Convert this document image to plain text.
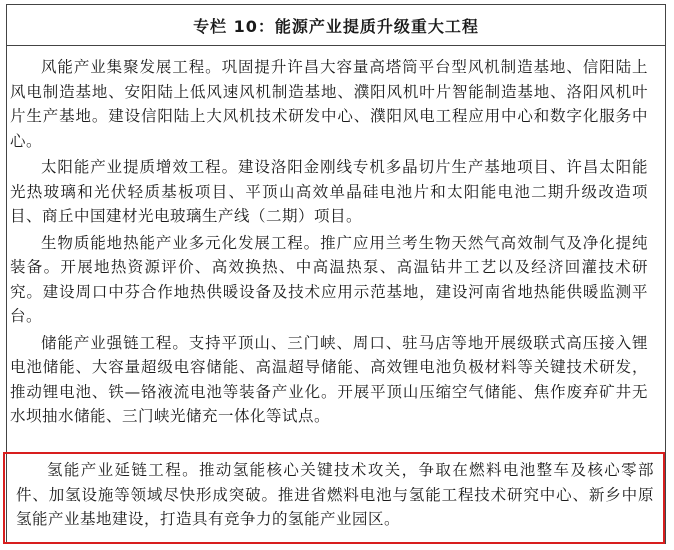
专栏 10：能源产业提质升级重大工程

风能产业集聚发展工程。巩固提升许昌大容量高塔筒平台型风机制造基地、信阳陆上风电制造基地、安阳陆上低风速风机制造基地、濮阳风机叶片智能制造基地、洛阳风机叶片生产基地。建设信阳陆上大风机技术研发中心、濮阳风电工程应用中心和数字化服务中心。

太阳能产业提质增效工程。建设洛阳金刚线专机多晶切片生产基地项目、许昌太阳能光热玻璃和光伏轻质基板项目、平顶山高效单晶硅电池片和太阳能电池二期升级改造项目、商丘中国建材光电玻璃生产线（二期）项目。

生物质能地热能产业多元化发展工程。推广应用兰考生物天然气高效制气及净化提纯装备。开展地热资源评价、高效换热、中高温热泵、高温钻井工艺以及经济回灌技术研究。建设周口中芬合作地热供暖设备及技术应用示范基地，建设河南省地热能供暖监测平台。

储能产业强链工程。支持平顶山、三门峡、周口、驻马店等地开展级联式高压接入锂电池储能、大容量超级电容储能、高温超导储能、高效锂电池负极材料等关键技术研发，推动锂电池、铁—铬液流电池等装备产业化。开展平顶山压缩空气储能、焦作废弃矿井无水坝抽水储能、三门峡光储充一体化等试点。

氢能产业延链工程。推动氢能核心关键技术攻关，争取在燃料电池整车及核心零部件、加氢设施等领域尽快形成突破。推进省燃料电池与氢能工程技术研究中心、新乡中原氢能产业基地建设，打造具有竞争力的氢能产业园区。
